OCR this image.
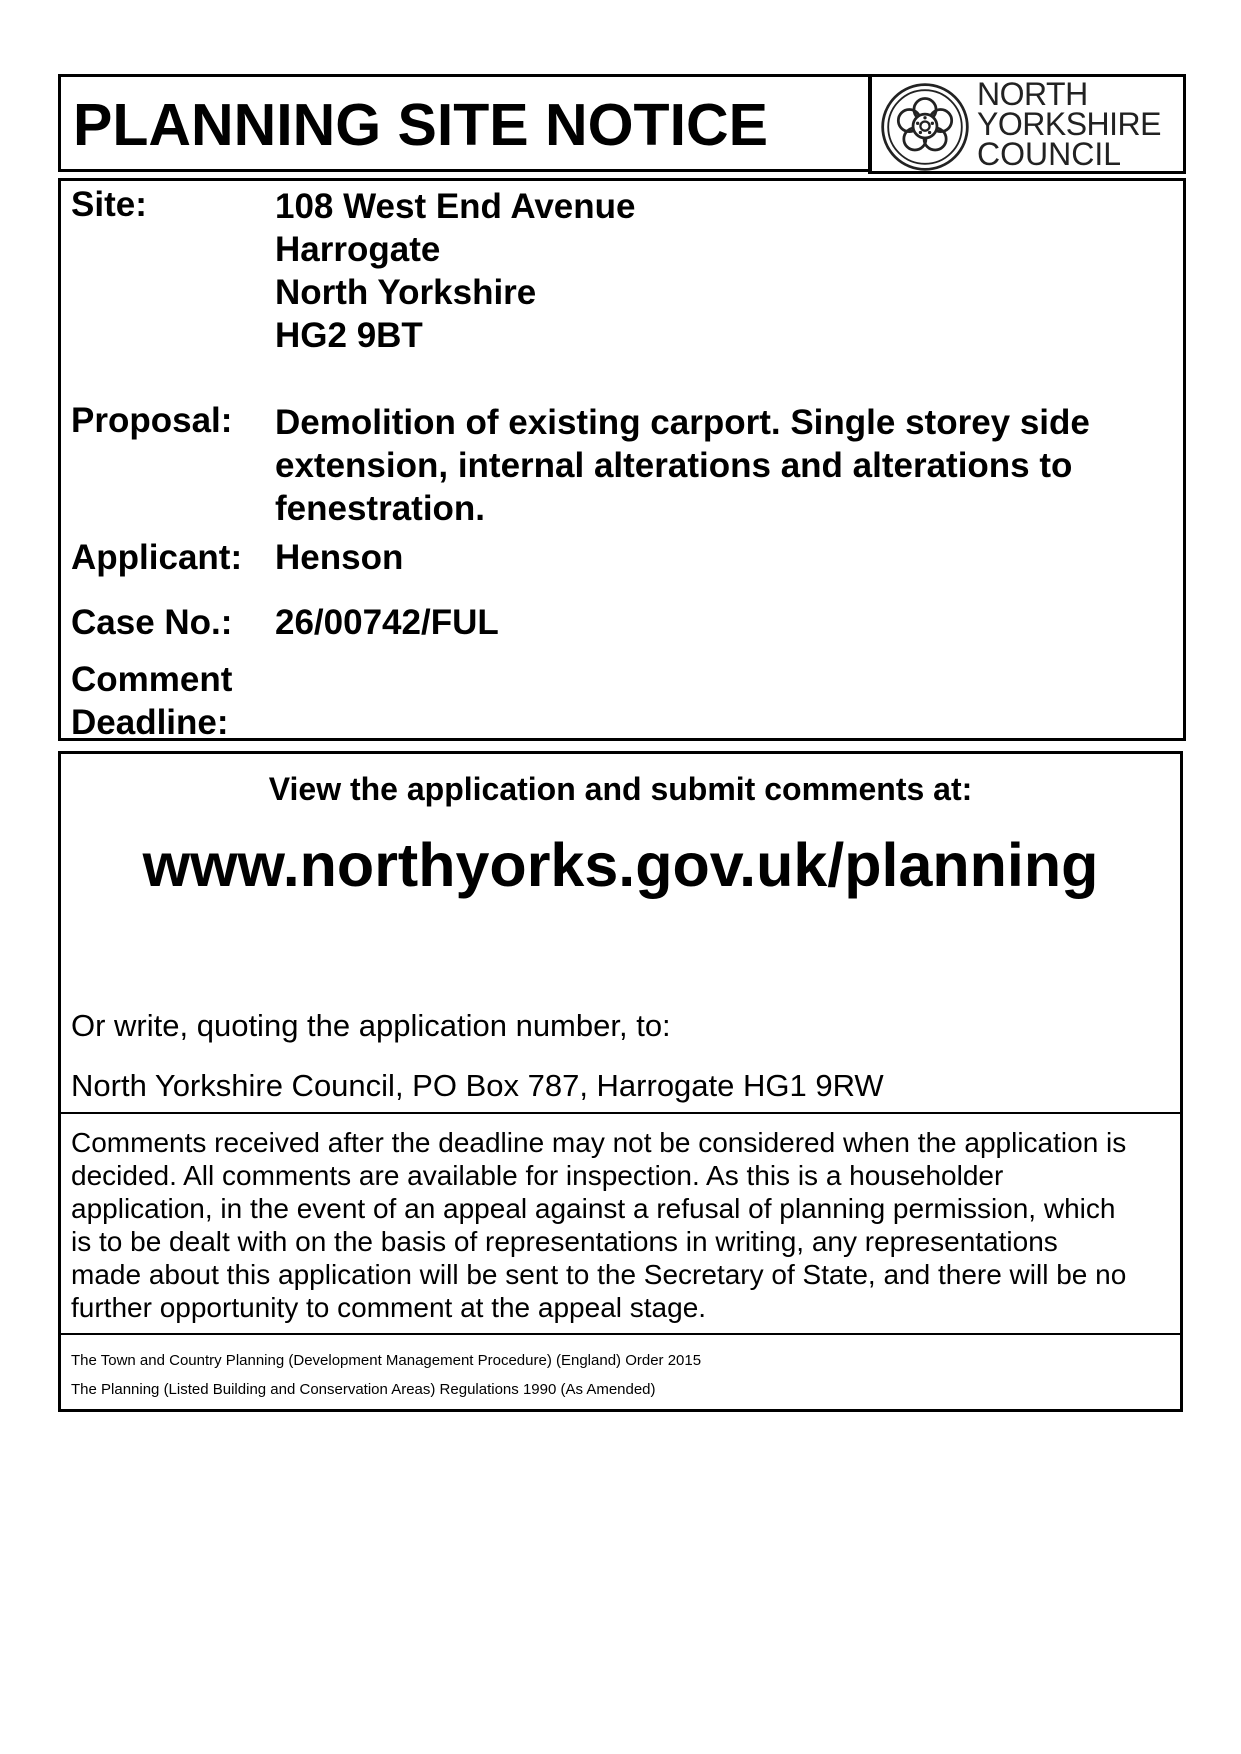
PLANNING SITE NOTICE	NORTH
YORKSHIRE
COUNCIL
Site:	108 West End Avenue
Harrogate
North Yorkshire
HG2 9BT
Proposal: Demolition of existing carport. Single storey side
extension, internal alterations and alterations to
fenestration.
Applicant: Henson
Case No.: 26/00742/FUL
Comment
Deadline:
View the application and submit comments at:
www.northyorks.gov.uk/planning
Or write, quoting the application number, to:
North Yorkshire Council, PO Box 787, Harrogate HG1 9RW
Comments received after the deadline may not be considered when the application is
decided. All comments are available for inspection. As this is a householder
application, in the event of an appeal against a refusal of planning permission, which
is to be dealt with on the basis of representations in writing, any representations
made about this application will be sent to the Secretary of State, and there will be no
further opportunity to comment at the appeal stage.
The Town and Country Planning (Development Management Procedure) (England) Order 2015
The Planning (Listed Building and Conservation Areas) Regulations 1990 (As Amended)
